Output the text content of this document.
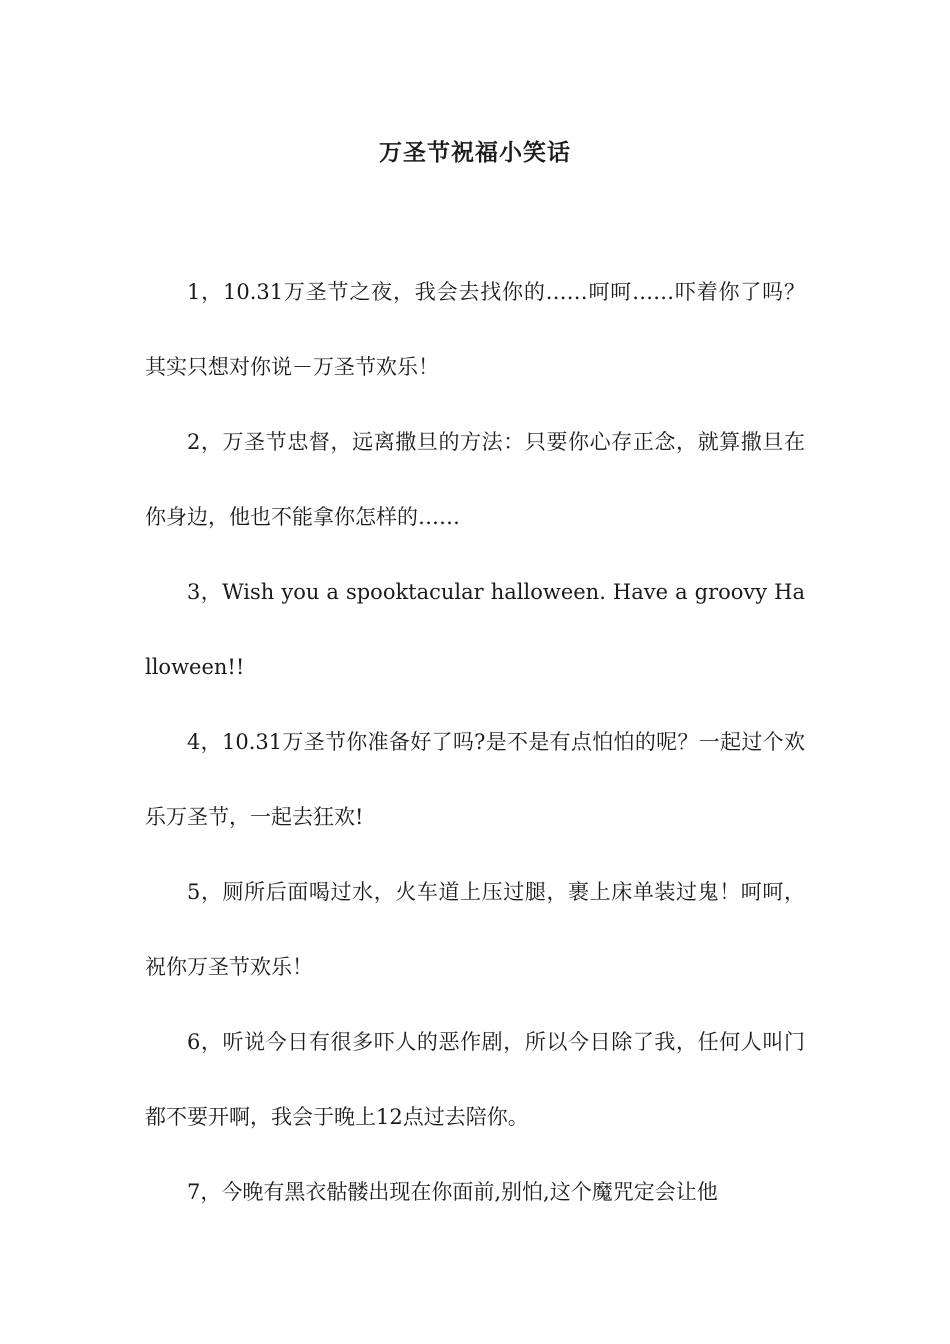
万圣节祝福小笑话

1，10.31万圣节之夜，我会去找你的……呵呵……吓着你了吗？其实只想对你说－万圣节欢乐！

2，万圣节忠督，远离撒旦的方法：只要你心存正念，就算撒旦在你身边，他也不能拿你怎样的……

3，Wish you a spooktacular halloween. Have a groovy Halloween!!

4，10.31万圣节你准备好了吗?是不是有点怕怕的呢？一起过个欢乐万圣节，一起去狂欢!

5，厕所后面喝过水，火车道上压过腿，裹上床单装过鬼！呵呵，祝你万圣节欢乐！

6，听说今日有很多吓人的恶作剧，所以今日除了我，任何人叫门都不要开啊，我会于晚上12点过去陪你。

7，今晚有黑衣骷髅出现在你面前,别怕,这个魔咒定会让他
